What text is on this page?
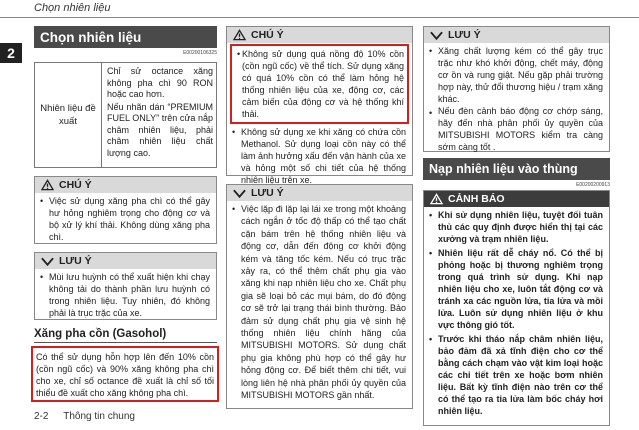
Chọn nhiên liệu
2
Chọn nhiên liệu
E00200106325
Nhiên liệu đề xuất
Chỉ sử octance xăng không pha chì 90 RON hoặc cao hơn.
Nếu nhãn dán “PREMIUM FUEL ONLY” trên cửa nắp châm nhiên liệu, phải châm nhiên liệu chất lượng cao.
CHÚ Ý
• Việc sử dụng xăng pha chì có thể gây hư hỏng nghiêm trọng cho động cơ và bộ xử lý khí thải. Không dùng xăng pha chì.
LƯU Ý
• Mùi lưu huỳnh có thể xuất hiện khi chạy không tải do thành phần lưu huỳnh có trong nhiên liệu. Tuy nhiên, đó không phải là trục trặc của xe.
Xăng pha cồn (Gasohol)
Có thể sử dụng hỗn hợp lên đến 10% cồn (cồn ngũ cốc) và 90% xăng không pha chì cho xe, chỉ số octance đề xuất là chỉ số tối thiểu đề xuất cho xăng không pha chì.
CHÚ Ý
• Không sử dụng quá nồng độ 10% cồn (cồn ngũ cốc) về thể tích. Sử dụng xăng có quá 10% cồn có thể làm hỏng hệ thống nhiên liệu của xe, động cơ, các cảm biến của động cơ và hệ thống khí thải.
• Không sử dụng xe khi xăng có chứa cồn Methanol. Sử dụng loại cồn này có thể làm ảnh hưởng xấu đến vận hành của xe và hỏng một số chi tiết của hệ thống nhiên liệu trên xe.
LƯU Ý
• Việc lặp đi lặp lại lái xe trong một khoảng cách ngắn ở tốc độ thấp có thể tạo chất cặn bám trên hệ thống nhiên liệu và động cơ, dẫn đến động cơ khởi động kém và tăng tốc kém. Nếu có trục trặc xảy ra, có thể thêm chất phụ gia vào xăng khi nạp nhiên liệu cho xe. Chất phụ gia sẽ loại bỏ các mụi bám, do đó động cơ sẽ trở lại trạng thái bình thường. Bảo đảm sử dụng chất phụ gia vệ sinh hệ thống nhiên liệu chính hãng của MITSUBISHI MOTORS. Sử dụng chất phụ gia không phù hợp có thể gây hư hỏng động cơ. Để biết thêm chi tiết, vui lòng liên hệ nhà phân phối ủy quyền của MITSUBISHI MOTORS gần nhất.
LƯU Ý
• Xăng chất lượng kém có thể gây trục trặc như khó khởi động, chết máy, động cơ ồn và rung giật. Nếu gặp phải trường hợp này, thử đổi thương hiệu / trạm xăng khác.
• Nếu đèn cảnh báo động cơ chớp sáng, hãy đến nhà phân phối ủy quyền của MITSUBISHI MOTORS kiểm tra càng sớm càng tốt .
Nạp nhiên liệu vào thùng
E00200200913
CẢNH BÁO
• Khi sử dụng nhiên liệu, tuyệt đối tuân thủ các quy định được hiển thị tại các xưởng và trạm nhiên liệu.
• Nhiên liệu rất dễ cháy nổ. Có thể bị phỏng hoặc bị thương nghiêm trọng trong quá trình sử dụng. Khi nạp nhiên liệu cho xe, luôn tắt động cơ và tránh xa các nguồn lửa, tia lửa và mồi lửa. Luôn sử dụng nhiên liệu ở khu vực thông gió tốt.
• Trước khi tháo nắp châm nhiên liệu, bảo đảm đã xả tĩnh điện cho cơ thể bằng cách chạm vào vật kim loại hoặc các chi tiết trên xe hoặc bơm nhiên liệu. Bất kỳ tĩnh điện nào trên cơ thể có thể tạo ra tia lửa làm bốc cháy hơi nhiên liệu.
2-2 Thông tin chung
